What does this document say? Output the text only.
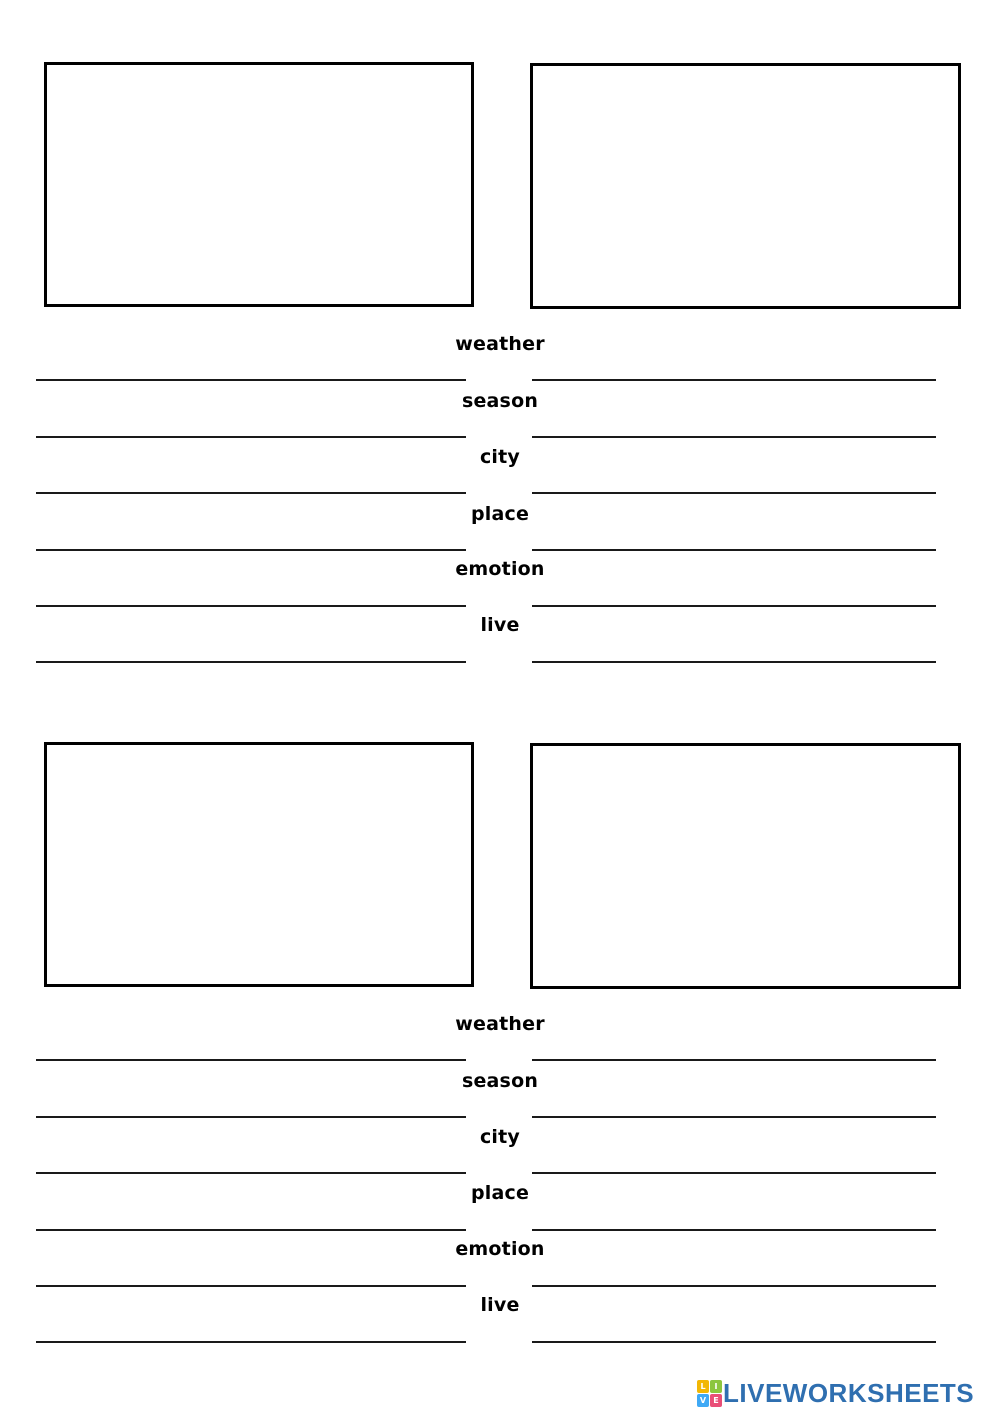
weather
season
city
place
emotion
live
weather
season
city
place
emotion
live
L	I
V E LIVEWORKSHEETS
